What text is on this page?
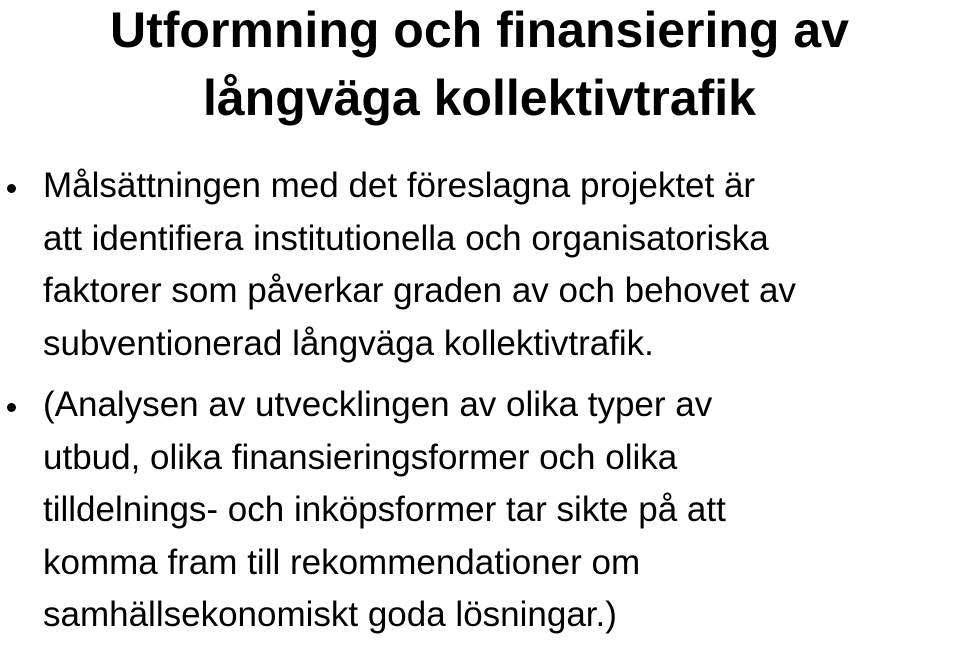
Utformning och finansiering av
långväga kollektivtrafik
Målsättningen med det föreslagna projektet är
att identifiera institutionella och organisatoriska
faktorer som påverkar graden av och behovet av
subventionerad långväga kollektivtrafik.
(Analysen av utvecklingen av olika typer av
utbud, olika finansieringsformer och olika
tilldelnings- och inköpsformer tar sikte på att
komma fram till rekommendationer om
samhällsekonomiskt goda lösningar.)
